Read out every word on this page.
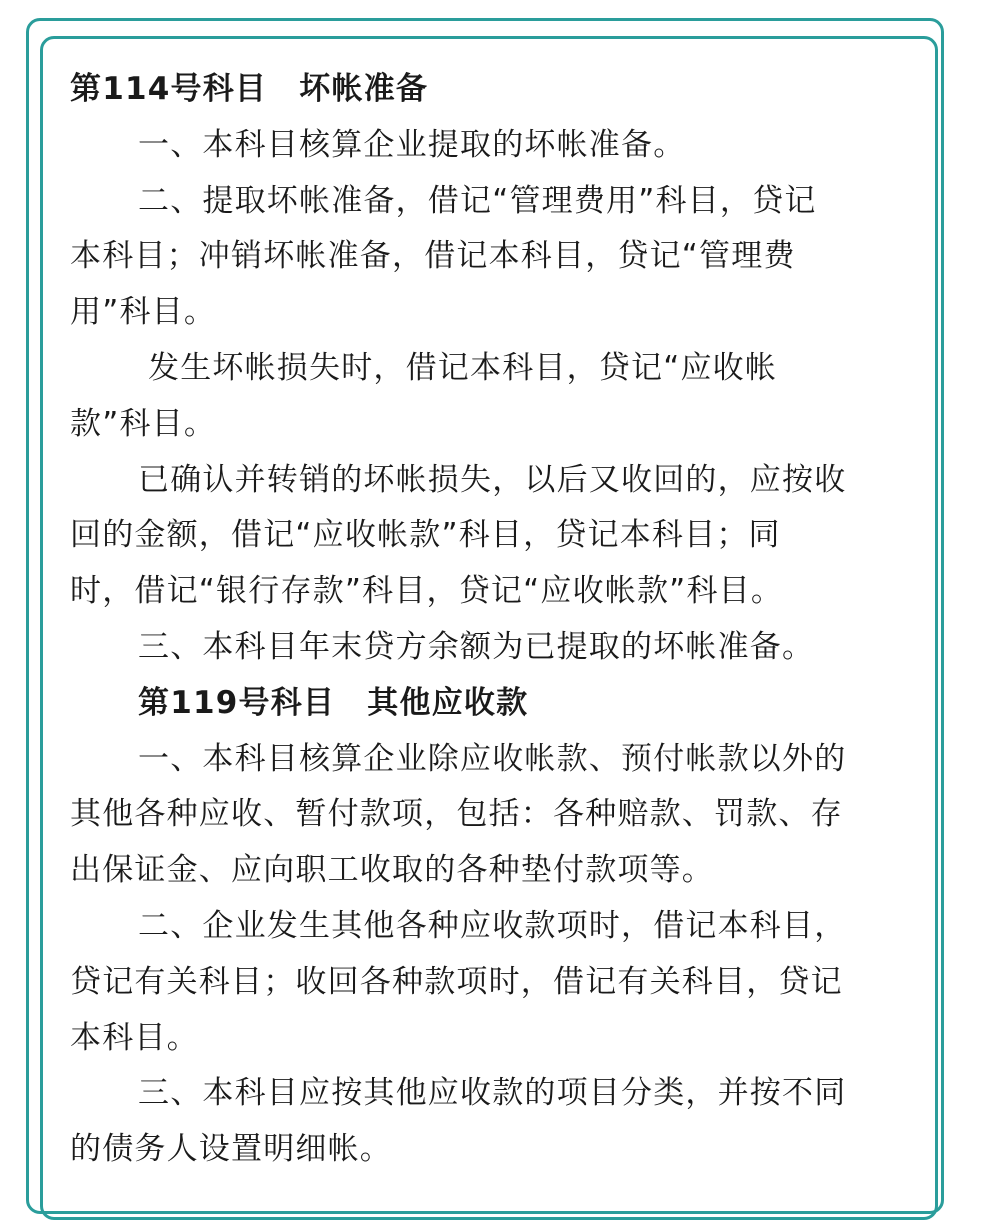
第114号科目　坏帐准备
一、本科目核算企业提取的坏帐准备。
二、提取坏帐准备，借记“管理费用”科目，贷记
本科目；冲销坏帐准备，借记本科目，贷记“管理费
用”科目。
发生坏帐损失时，借记本科目，贷记“应收帐
款”科目。
已确认并转销的坏帐损失，以后又收回的，应按收
回的金额，借记“应收帐款”科目，贷记本科目；同
时，借记“银行存款”科目，贷记“应收帐款”科目。
三、本科目年末贷方余额为已提取的坏帐准备。
第119号科目　其他应收款
一、本科目核算企业除应收帐款、预付帐款以外的
其他各种应收、暂付款项，包括：各种赔款、罚款、存
出保证金、应向职工收取的各种垫付款项等。
二、企业发生其他各种应收款项时，借记本科目，
贷记有关科目；收回各种款项时，借记有关科目，贷记
本科目。
三、本科目应按其他应收款的项目分类，并按不同
的债务人设置明细帐。
